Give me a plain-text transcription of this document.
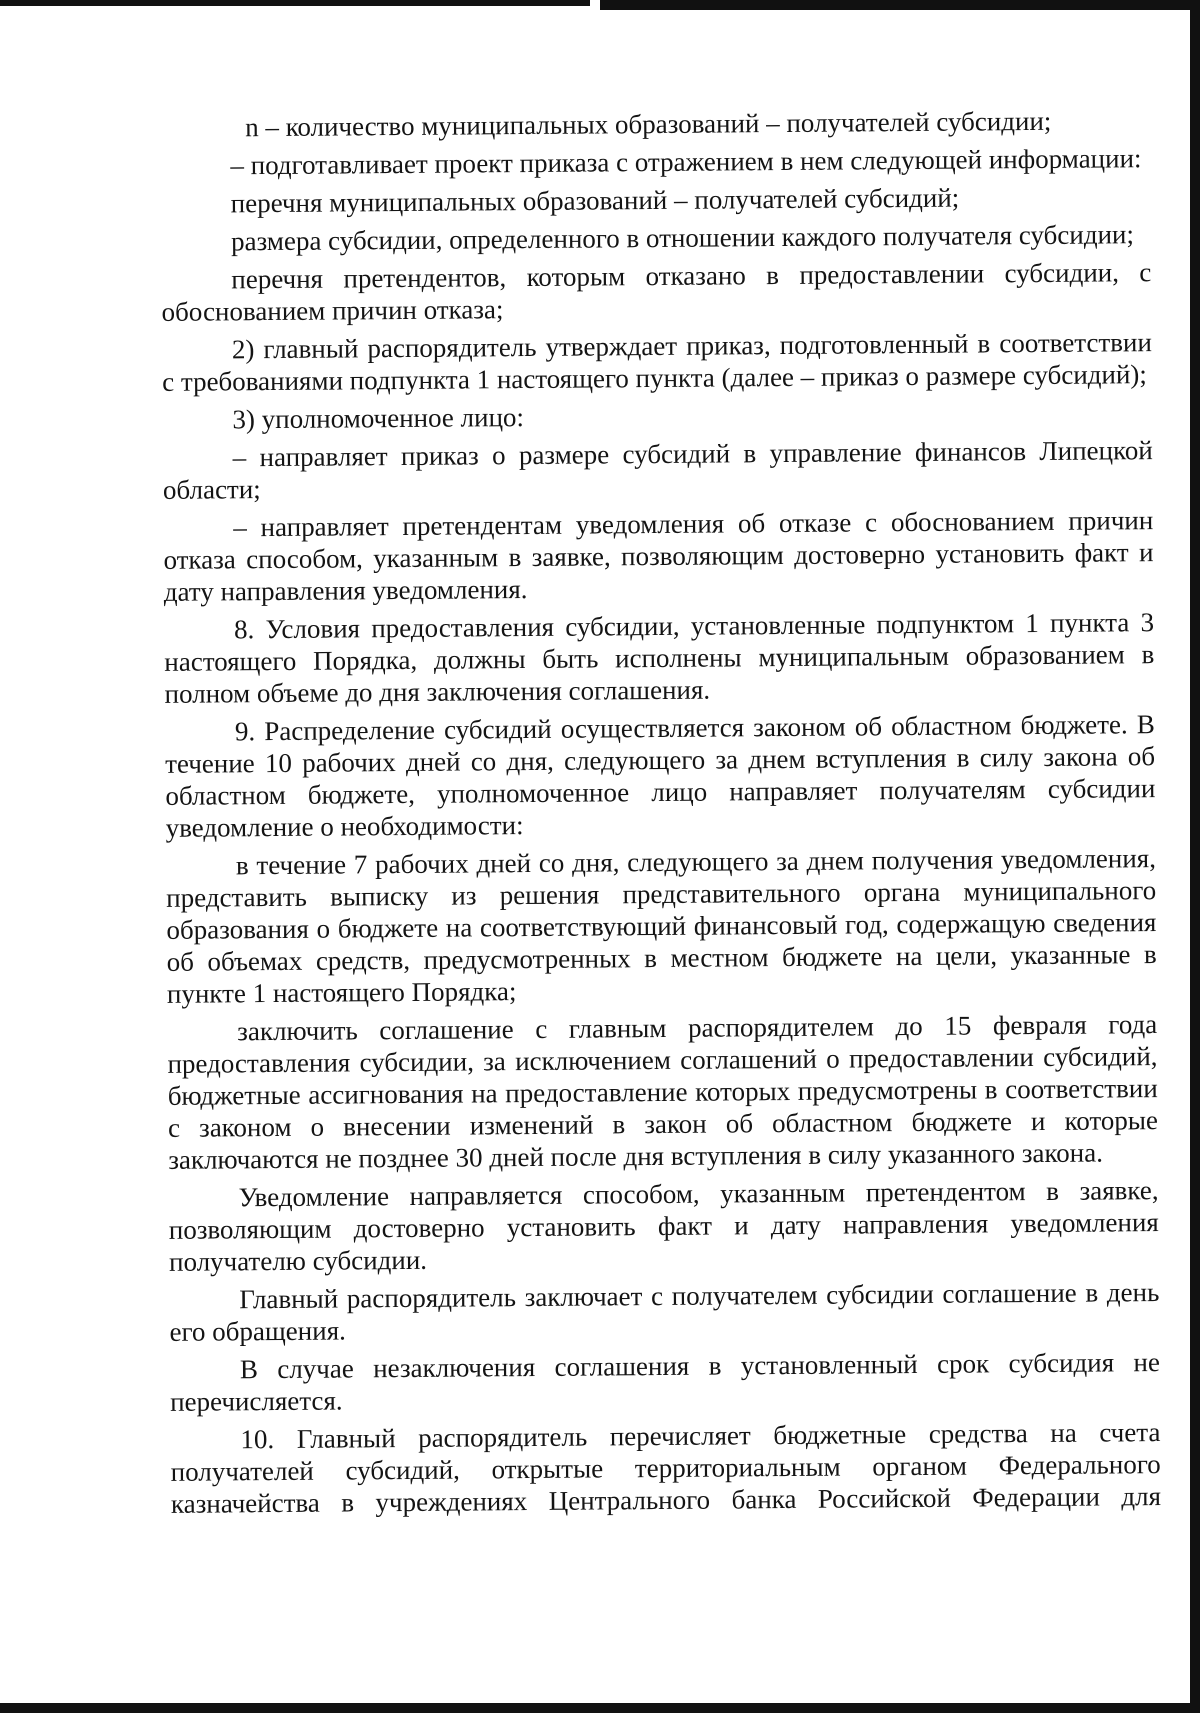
n – количество муниципальных образований – получателей субсидии;

– подготавливает проект приказа с отражением в нем следующей информации:

перечня муниципальных образований – получателей субсидий;

размера субсидии, определенного в отношении каждого получателя субсидии;

перечня претендентов, которым отказано в предоставлении субсидии, с обоснованием причин отказа;

2) главный распорядитель утверждает приказ, подготовленный в соответствии с требованиями подпункта 1 настоящего пункта (далее – приказ о размере субсидий);

3) уполномоченное лицо:

– направляет приказ о размере субсидий в управление финансов Липецкой области;

– направляет претендентам уведомления об отказе с обоснованием причин отказа способом, указанным в заявке, позволяющим достоверно установить факт и дату направления уведомления.

8. Условия предоставления субсидии, установленные подпунктом 1 пункта 3 настоящего Порядка, должны быть исполнены муниципальным образованием в полном объеме до дня заключения соглашения.

9. Распределение субсидий осуществляется законом об областном бюджете. В течение 10 рабочих дней со дня, следующего за днем вступления в силу закона об областном бюджете, уполномоченное лицо направляет получателям субсидии уведомление о необходимости:

в течение 7 рабочих дней со дня, следующего за днем получения уведомления, представить выписку из решения представительного органа муниципального образования о бюджете на соответствующий финансовый год, содержащую сведения об объемах средств, предусмотренных в местном бюджете на цели, указанные в пункте 1 настоящего Порядка;

заключить соглашение с главным распорядителем до 15 февраля года предоставления субсидии, за исключением соглашений о предоставлении субсидий, бюджетные ассигнования на предоставление которых предусмотрены в соответствии с законом о внесении изменений в закон об областном бюджете и которые заключаются не позднее 30 дней после дня вступления в силу указанного закона.

Уведомление направляется способом, указанным претендентом в заявке, позволяющим достоверно установить факт и дату направления уведомления получателю субсидии.

Главный распорядитель заключает с получателем субсидии соглашение в день его обращения.

В случае незаключения соглашения в установленный срок субсидия не перечисляется.

10. Главный распорядитель перечисляет бюджетные средства на счета получателей субсидий, открытые территориальным органом Федерального казначейства в учреждениях Центрального банка Российской Федерации для
